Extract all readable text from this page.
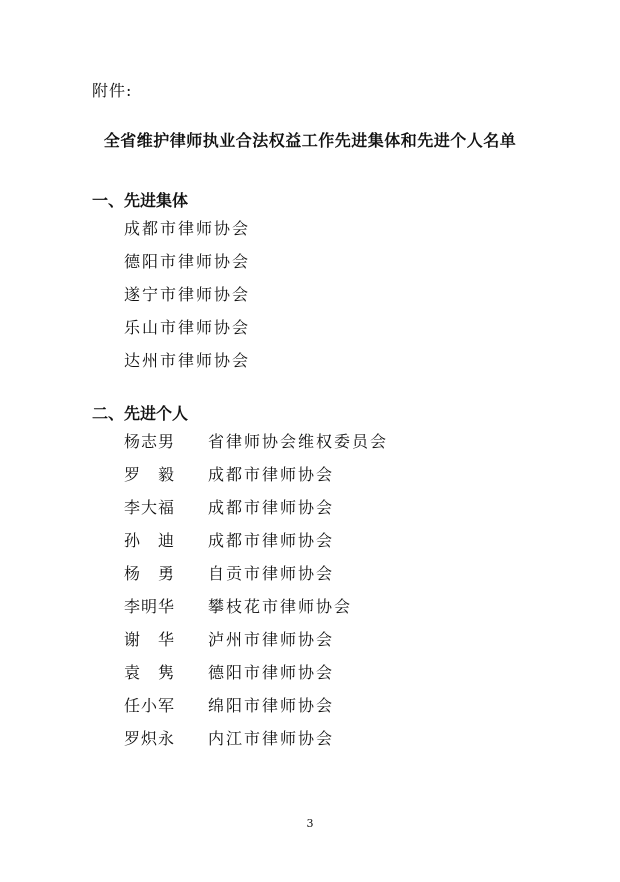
附件:
全省维护律师执业合法权益工作先进集体和先进个人名单
一、先进集体
成都市律师协会
德阳市律师协会
遂宁市律师协会
乐山市律师协会
达州市律师协会
二、先进个人
杨志男	省律师协会维权委员会
罗　毅	成都市律师协会
李大福	成都市律师协会
孙　迪	成都市律师协会
杨　勇	自贡市律师协会
李明华	攀枝花市律师协会
谢　华	泸州市律师协会
袁　隽	德阳市律师协会
任小军	绵阳市律师协会
罗炽永	内江市律师协会
3
